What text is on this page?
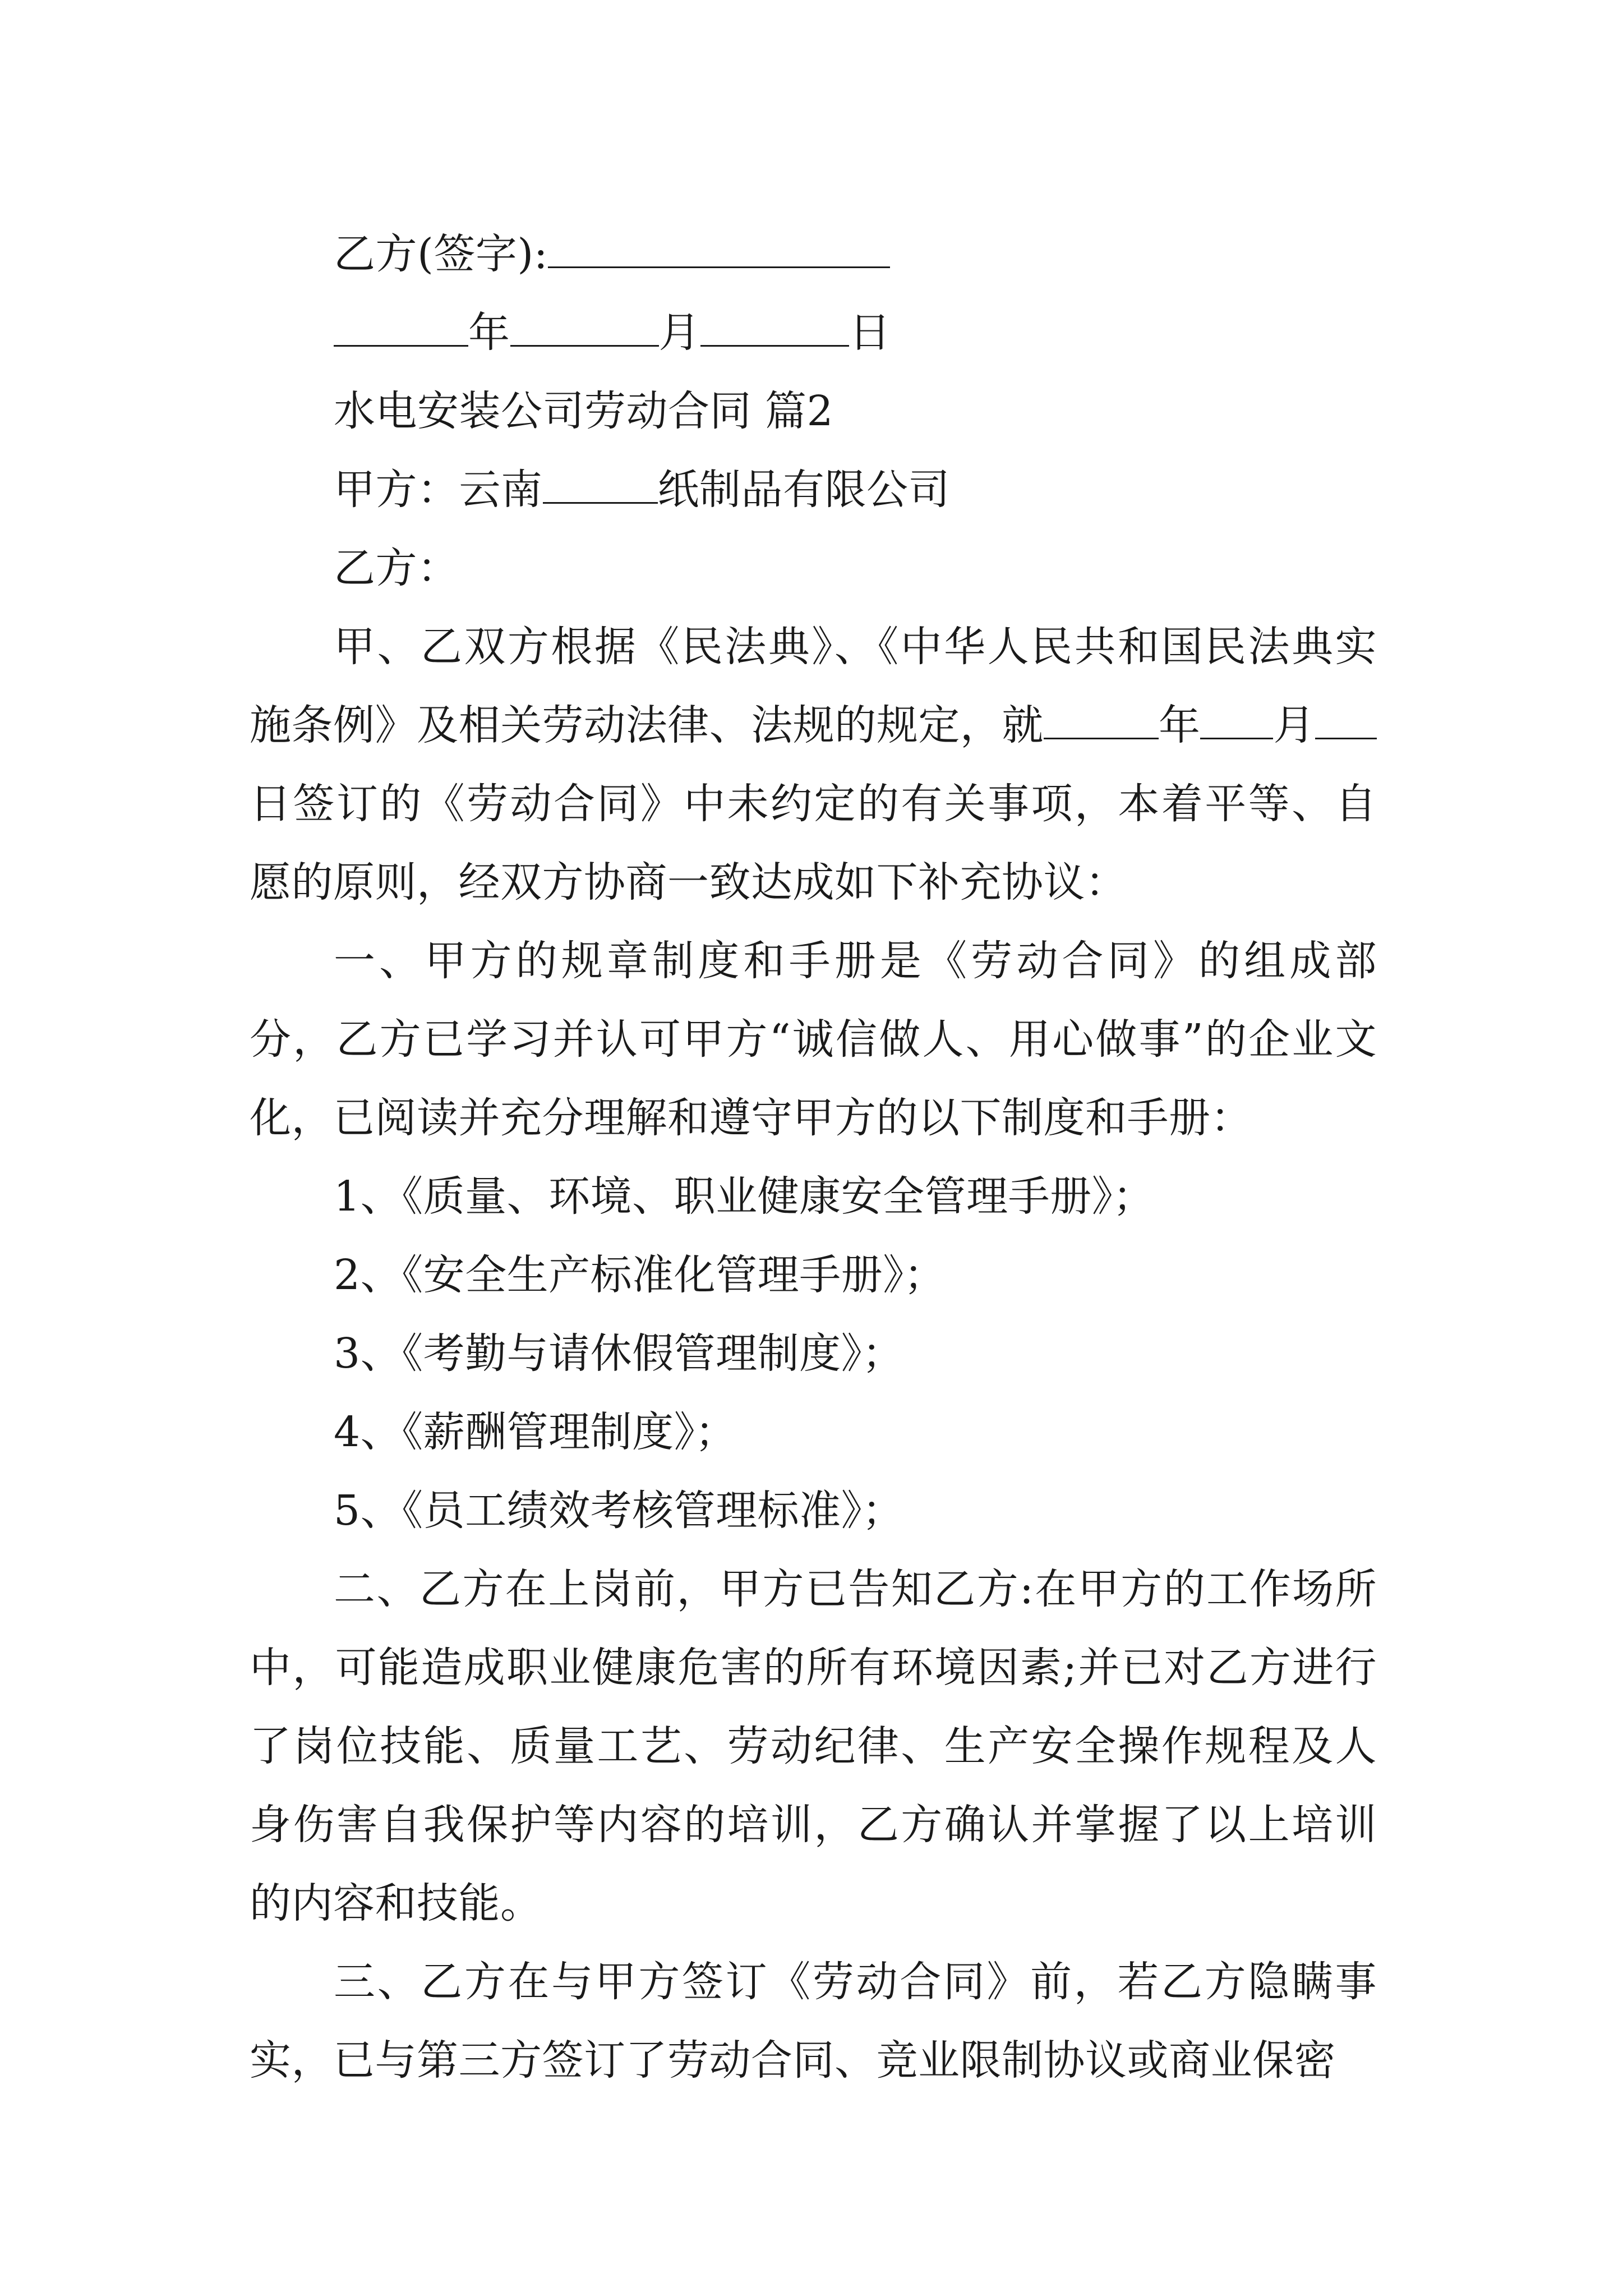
乙方(签字):

年	月	日

水电安装公司劳动合同 篇2

甲方：云南	纸制品有限公司

乙方：

甲、乙双方根据《民法典》、《中华人民共和国民法典实施条例》及相关劳动法律、法规的规定，就	年 月日签订的《劳动合同》中未约定的有关事项，本着平等、自愿的原则，经双方协商一致达成如下补充协议：

一、甲方的规章制度和手册是《劳动合同》的组成部分，乙方已学习并认可甲方“诚信做人、用心做事”的企业文化，已阅读并充分理解和遵守甲方的以下制度和手册：

1、《质量、环境、职业健康安全管理手册》；

2、《安全生产标准化管理手册》；

3、《考勤与请休假管理制度》；

4、《薪酬管理制度》；

5、《员工绩效考核管理标准》；

二、乙方在上岗前，甲方已告知乙方:在甲方的工作场所中，可能造成职业健康危害的所有环境因素;并已对乙方进行了岗位技能、质量工艺、劳动纪律、生产安全操作规程及人身伤害自我保护等内容的培训，乙方确认并掌握了以上培训的内容和技能。

三、乙方在与甲方签订《劳动合同》前，若乙方隐瞒事实，已与第三方签订了劳动合同、竞业限制协议或商业保密
